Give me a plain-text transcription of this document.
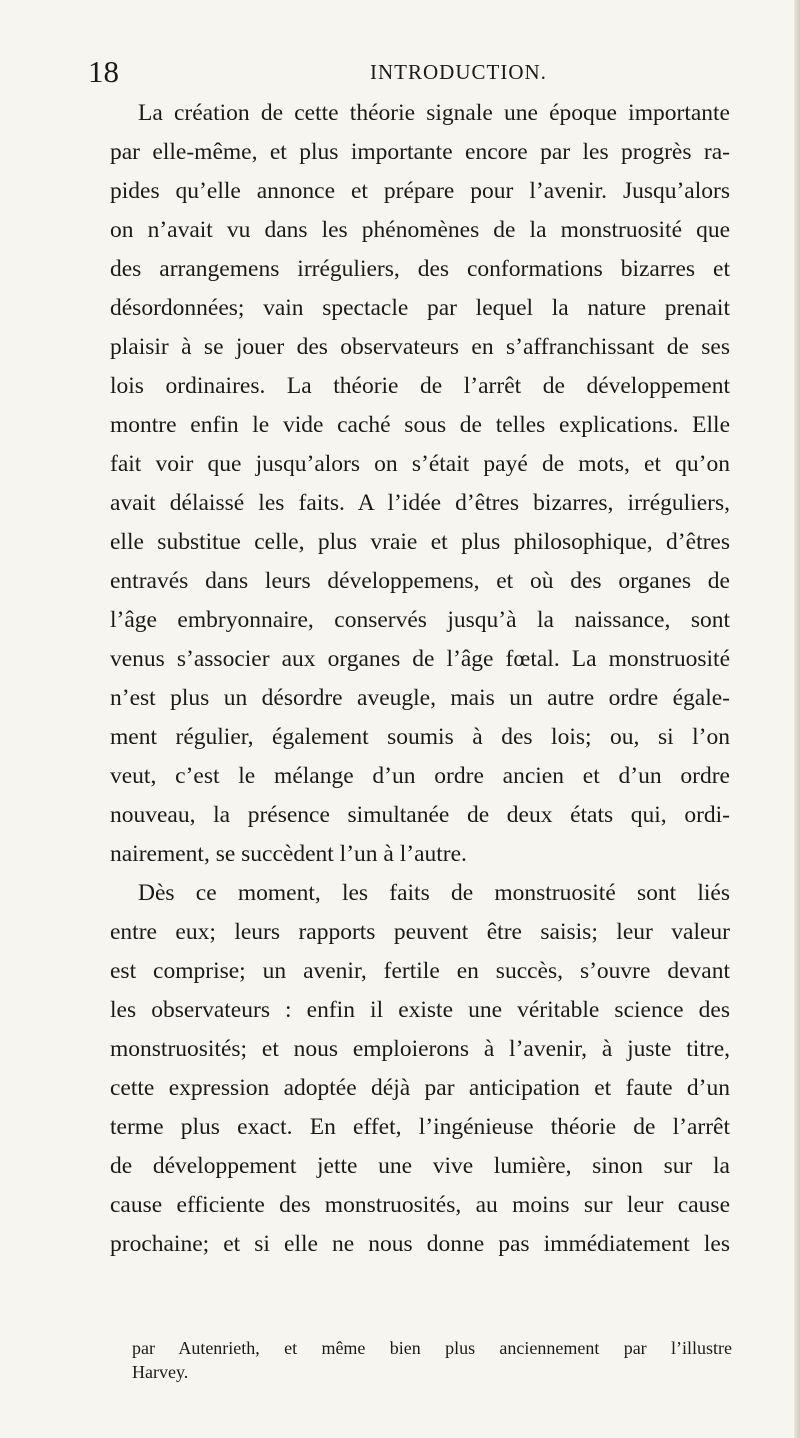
18	INTRODUCTION.
La création de cette théorie signale une époque importante
par elle-même, et plus importante encore par les progrès ra-
pides qu’elle annonce et prépare pour l’avenir. Jusqu’alors
on n’avait vu dans les phénomènes de la monstruosité que
des arrangemens irréguliers, des conformations bizarres et
désordonnées; vain spectacle par lequel la nature prenait
plaisir à se jouer des observateurs en s’affranchissant de ses
lois ordinaires. La théorie de l’arrêt de développement
montre enfin le vide caché sous de telles explications. Elle
fait voir que jusqu’alors on s’était payé de mots, et qu’on
avait délaissé les faits. A l’idée d’êtres bizarres, irréguliers,
elle substitue celle, plus vraie et plus philosophique, d’êtres
entravés dans leurs développemens, et où des organes de
l’âge embryonnaire, conservés jusqu’à la naissance, sont
venus s’associer aux organes de l’âge fœtal. La monstruosité
n’est plus un désordre aveugle, mais un autre ordre égale-
ment régulier, également soumis à des lois; ou, si l’on
veut, c’est le mélange d’un ordre ancien et d’un ordre
nouveau, la présence simultanée de deux états qui, ordi-
nairement, se succèdent l’un à l’autre.
Dès ce moment, les faits de monstruosité sont liés
entre eux; leurs rapports peuvent être saisis; leur valeur
est comprise; un avenir, fertile en succès, s’ouvre devant
les observateurs : enfin il existe une véritable science des
monstruosités; et nous emploierons à l’avenir, à juste titre,
cette expression adoptée déjà par anticipation et faute d’un
terme plus exact. En effet, l’ingénieuse théorie de l’arrêt
de développement jette une vive lumière, sinon sur la
cause efficiente des monstruosités, au moins sur leur cause
prochaine; et si elle ne nous donne pas immédiatement les
par Autenrieth, et même bien plus anciennement par l’illustre
Harvey.
